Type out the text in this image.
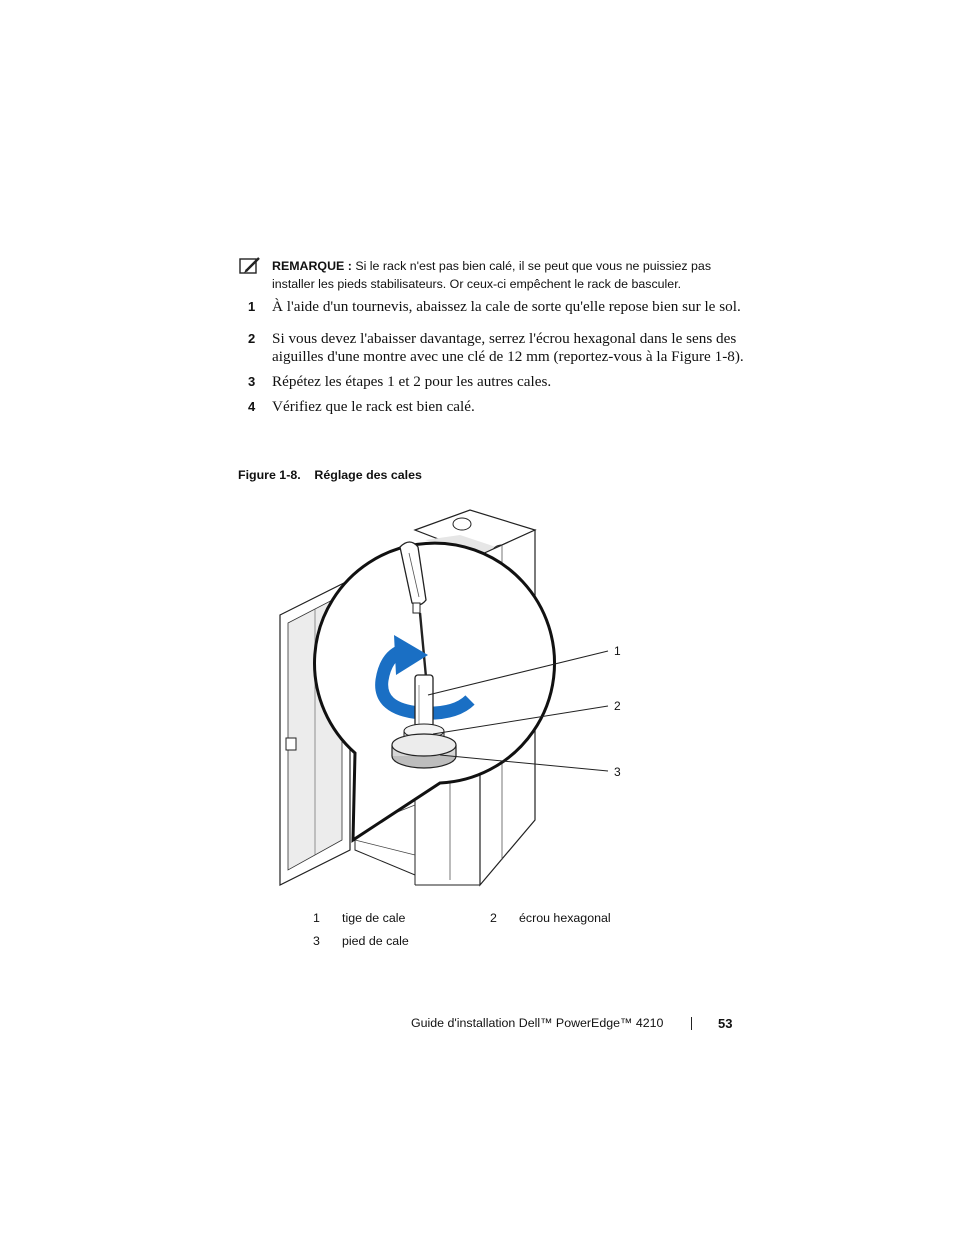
REMARQUE : Si le rack n'est pas bien calé, il se peut que vous ne puissiez pas installer les pieds stabilisateurs. Or ceux-ci empêchent le rack de basculer.
1 À l'aide d'un tournevis, abaissez la cale de sorte qu'elle repose bien sur le sol.
2 Si vous devez l'abaisser davantage, serrez l'écrou hexagonal dans le sens des aiguilles d'une montre avec une clé de 12 mm (reportez-vous à la Figure 1-8).
3 Répétez les étapes 1 et 2 pour les autres cales.
4 Vérifiez que le rack est bien calé.
Figure 1-8.    Réglage des cales
1
2
3
1 tige de cale	2 écrou hexagonal
3 pied de cale
Guide d'installation Dell™ PowerEdge™ 4210	53
